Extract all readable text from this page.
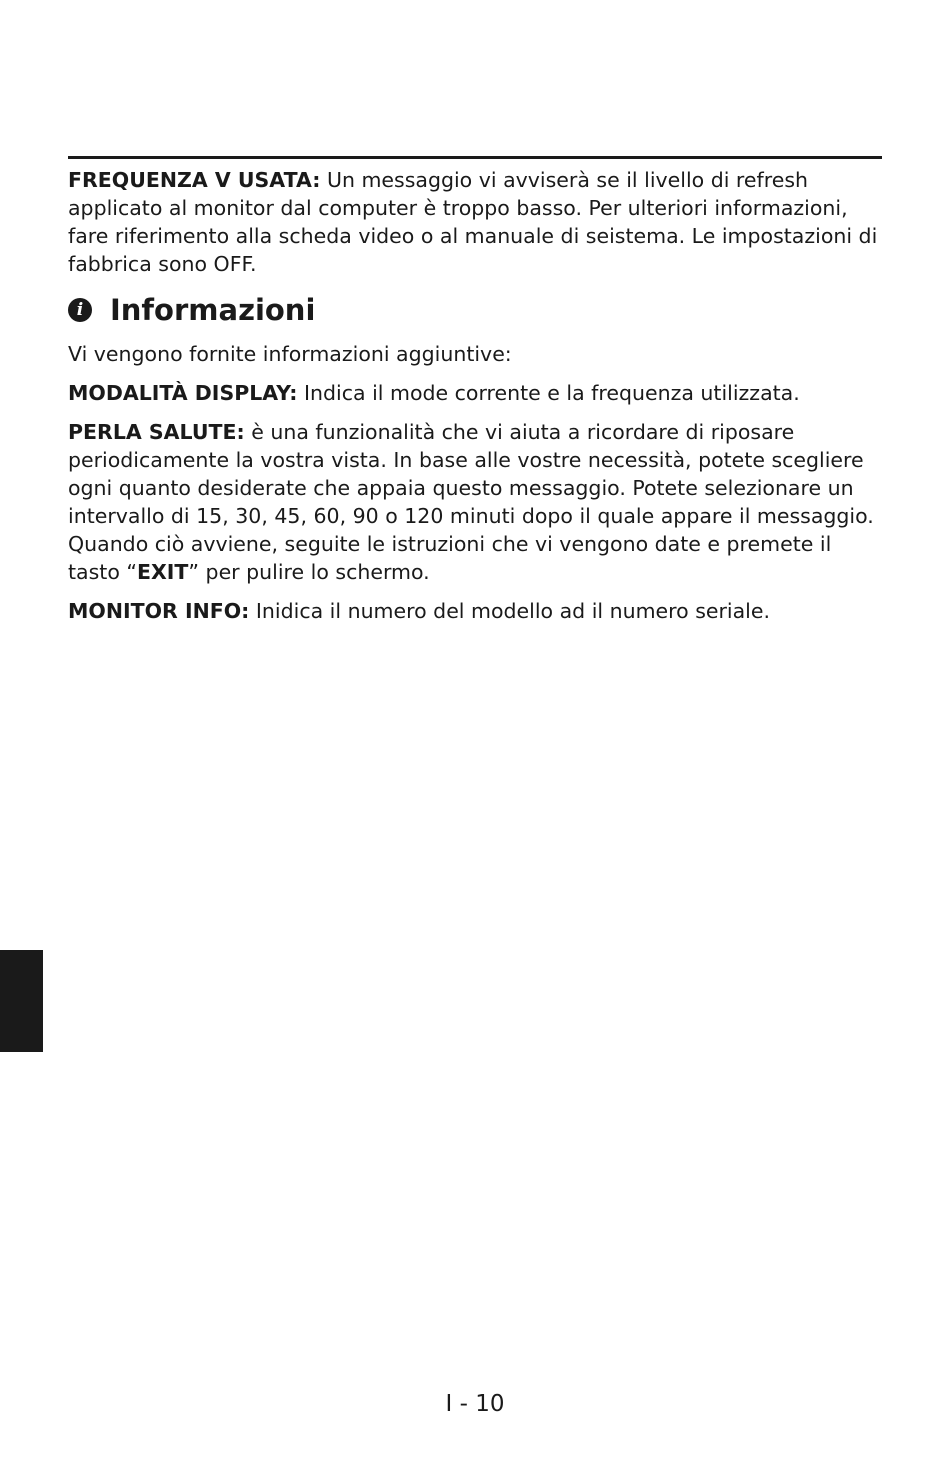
FREQUENZA V USATA: Un messaggio vi avviserà se il livello di refresh applicato al monitor dal computer è troppo basso. Per ulteriori informazioni, fare riferimento alla scheda video o al manuale di seistema. Le impostazioni di fabbrica sono OFF.

i Informazioni

Vi vengono fornite informazioni aggiuntive:

MODALITÀ DISPLAY: Indica il mode corrente e la frequenza utilizzata.

PERLA SALUTE: è una funzionalità che vi aiuta a ricordare di riposare periodicamente la vostra vista. In base alle vostre necessità, potete scegliere ogni quanto desiderate che appaia questo messaggio. Potete selezionare un intervallo di 15, 30, 45, 60, 90 o 120 minuti dopo il quale appare il messaggio. Quando ciò avviene, seguite le istruzioni che vi vengono date e premete il tasto “EXIT” per pulire lo schermo.

MONITOR INFO: Inidica il numero del modello ad il numero seriale.

I - 10
